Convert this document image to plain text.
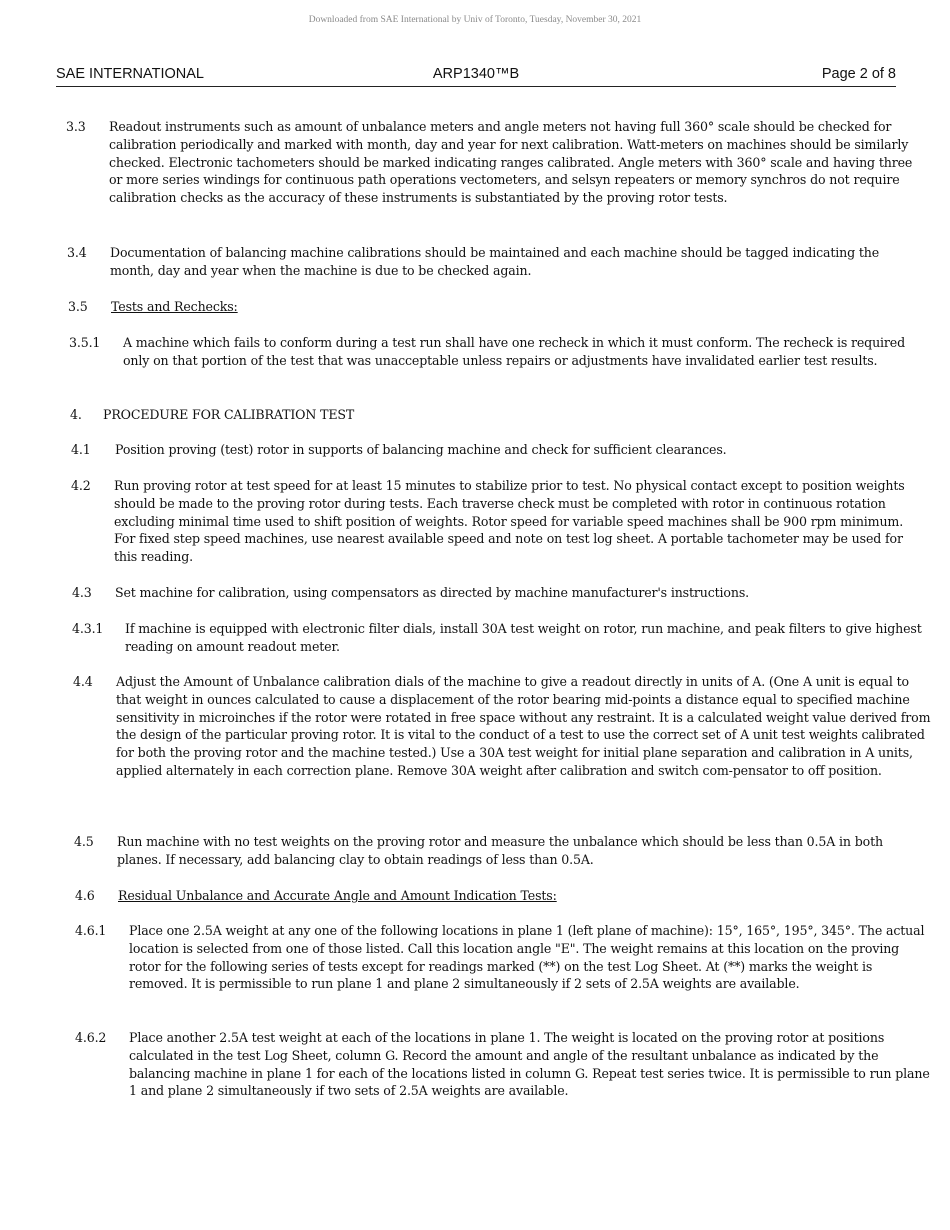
Downloaded from SAE International by Univ of Toronto, Tuesday, November 30, 2021
SAE INTERNATIONAL	ARP1340™B	Page 2 of 8
3.3 Readout instruments such as amount of unbalance meters and angle meters not having full 360° scale should be checked for calibration periodically and marked with month, day and year for next calibration. Watt-meters on machines should be similarly checked. Electronic tachometers should be marked indicating ranges calibrated. Angle meters with 360° scale and having three or more series windings for continuous path operations vectometers, and selsyn repeaters or memory synchros do not require calibration checks as the accuracy of these instruments is substantiated by the proving rotor tests.
3.4 Documentation of balancing machine calibrations should be maintained and each machine should be tagged indicating the month, day and year when the machine is due to be checked again.
3.5 Tests and Rechecks:
3.5.1 A machine which fails to conform during a test run shall have one recheck in which it must conform. The recheck is required only on that portion of the test that was unacceptable unless repairs or adjustments have invalidated earlier test results.
4. PROCEDURE FOR CALIBRATION TEST
4.1 Position proving (test) rotor in supports of balancing machine and check for sufficient clearances.
4.2 Run proving rotor at test speed for at least 15 minutes to stabilize prior to test. No physical contact except to position weights should be made to the proving rotor during tests. Each traverse check must be completed with rotor in continuous rotation excluding minimal time used to shift position of weights. Rotor speed for variable speed machines shall be 900 rpm minimum. For fixed step speed machines, use nearest available speed and note on test log sheet. A portable tachometer may be used for this reading.
4.3 Set machine for calibration, using compensators as directed by machine manufacturer's instructions.
4.3.1 If machine is equipped with electronic filter dials, install 30A test weight on rotor, run machine, and peak filters to give highest reading on amount readout meter.
4.4 Adjust the Amount of Unbalance calibration dials of the machine to give a readout directly in units of A. (One A unit is equal to that weight in ounces calculated to cause a displacement of the rotor bearing mid-points a distance equal to specified machine sensitivity in microinches if the rotor were rotated in free space without any restraint. It is a calculated weight value derived from the design of the particular proving rotor. It is vital to the conduct of a test to use the correct set of A unit test weights calibrated for both the proving rotor and the machine tested.) Use a 30A test weight for initial plane separation and calibration in A units, applied alternately in each correction plane. Remove 30A weight after calibration and switch com-pensator to off position.
4.5 Run machine with no test weights on the proving rotor and measure the unbalance which should be less than 0.5A in both planes. If necessary, add balancing clay to obtain readings of less than 0.5A.
4.6 Residual Unbalance and Accurate Angle and Amount Indication Tests:
4.6.1 Place one 2.5A weight at any one of the following locations in plane 1 (left plane of machine): 15°, 165°, 195°, 345°. The actual location is selected from one of those listed. Call this location angle "E". The weight remains at this location on the proving rotor for the following series of tests except for readings marked (**) on the test Log Sheet. At (**) marks the weight is removed. It is permissible to run plane 1 and plane 2 simultaneously if 2 sets of 2.5A weights are available.
4.6.2 Place another 2.5A test weight at each of the locations in plane 1. The weight is located on the proving rotor at positions calculated in the test Log Sheet, column G. Record the amount and angle of the resultant unbalance as indicated by the balancing machine in plane 1 for each of the locations listed in column G. Repeat test series twice. It is permissible to run plane 1 and plane 2 simultaneously if two sets of 2.5A weights are available.
